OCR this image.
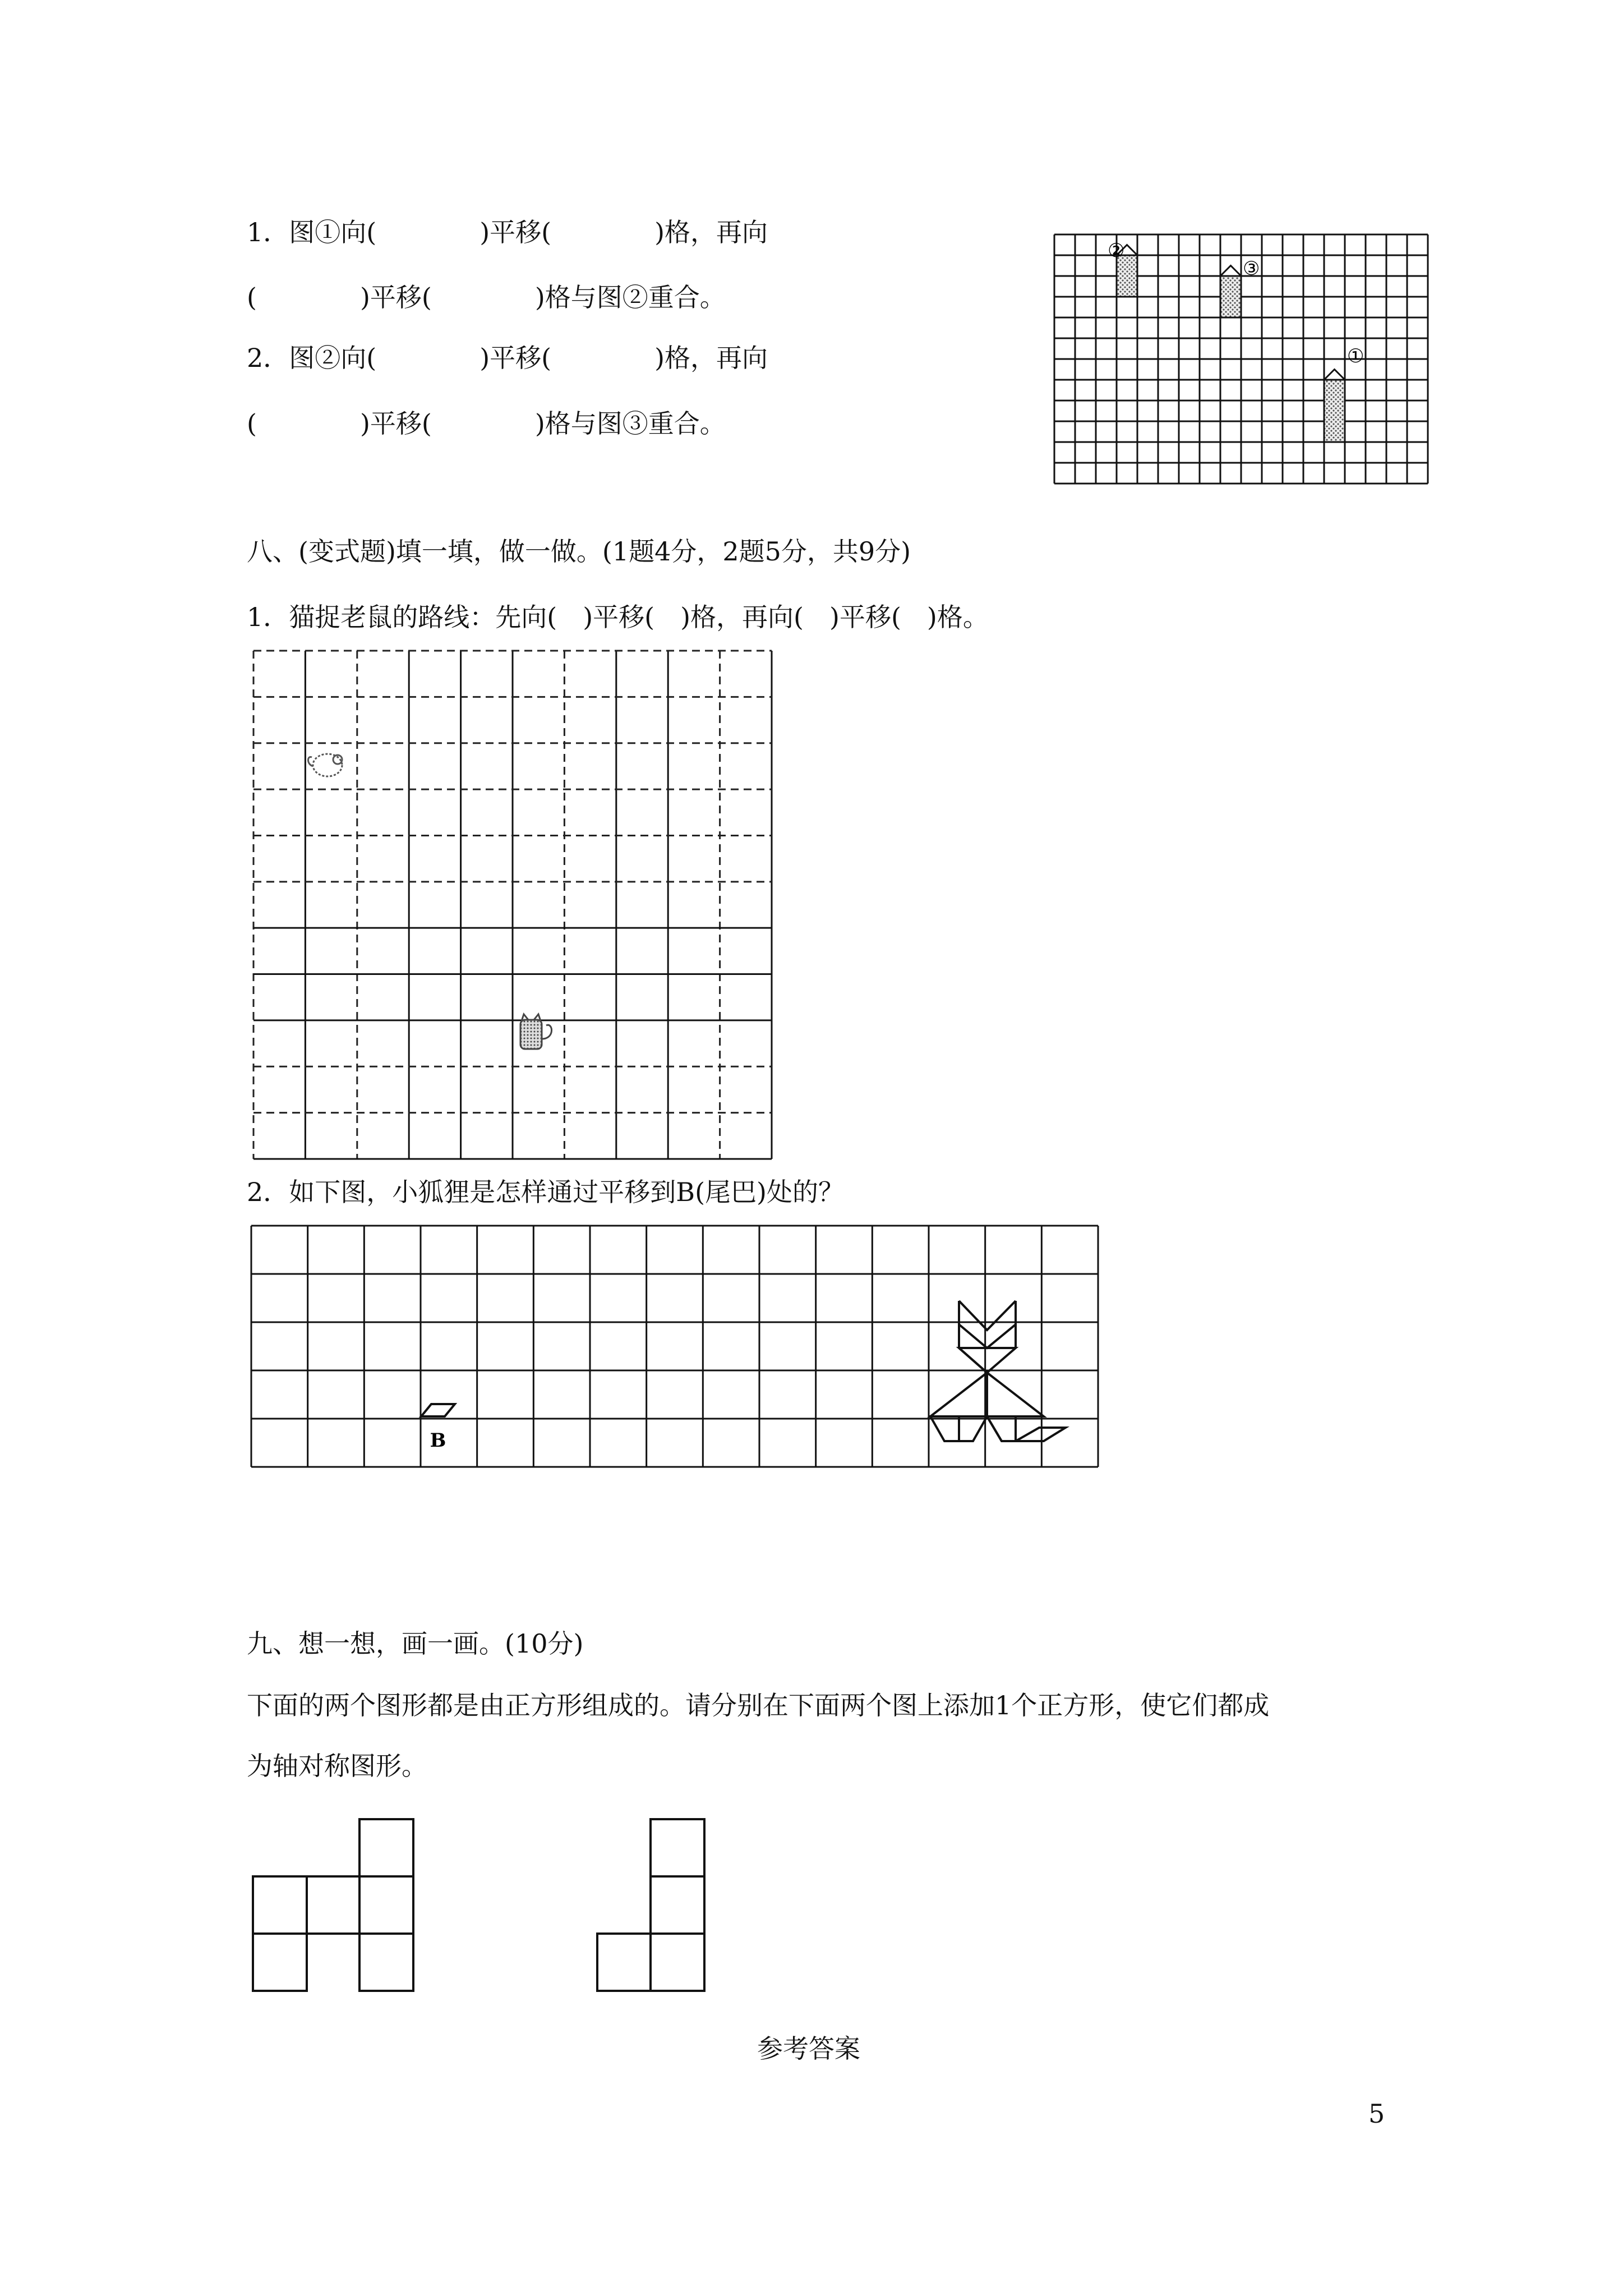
1．图①向(　　　　)平移(　　　　)格，再向
(　　　　)平移(　　　　)格与图②重合。
2．图②向(　　　　)平移(　　　　)格，再向
(　　　　)平移(　　　　)格与图③重合。
②
③
①
八、(变式题)填一填，做一做。(1题4分，2题5分，共9分)
1．猫捉老鼠的路线：先向(　)平移(　)格，再向(　)平移(　)格。
2．如下图，小狐狸是怎样通过平移到B(尾巴)处的？
B
九、想一想，画一画。(10分)
下面的两个图形都是由正方形组成的。请分别在下面两个图上添加1个正方形，使它们都成
为轴对称图形。
参考答案
5
